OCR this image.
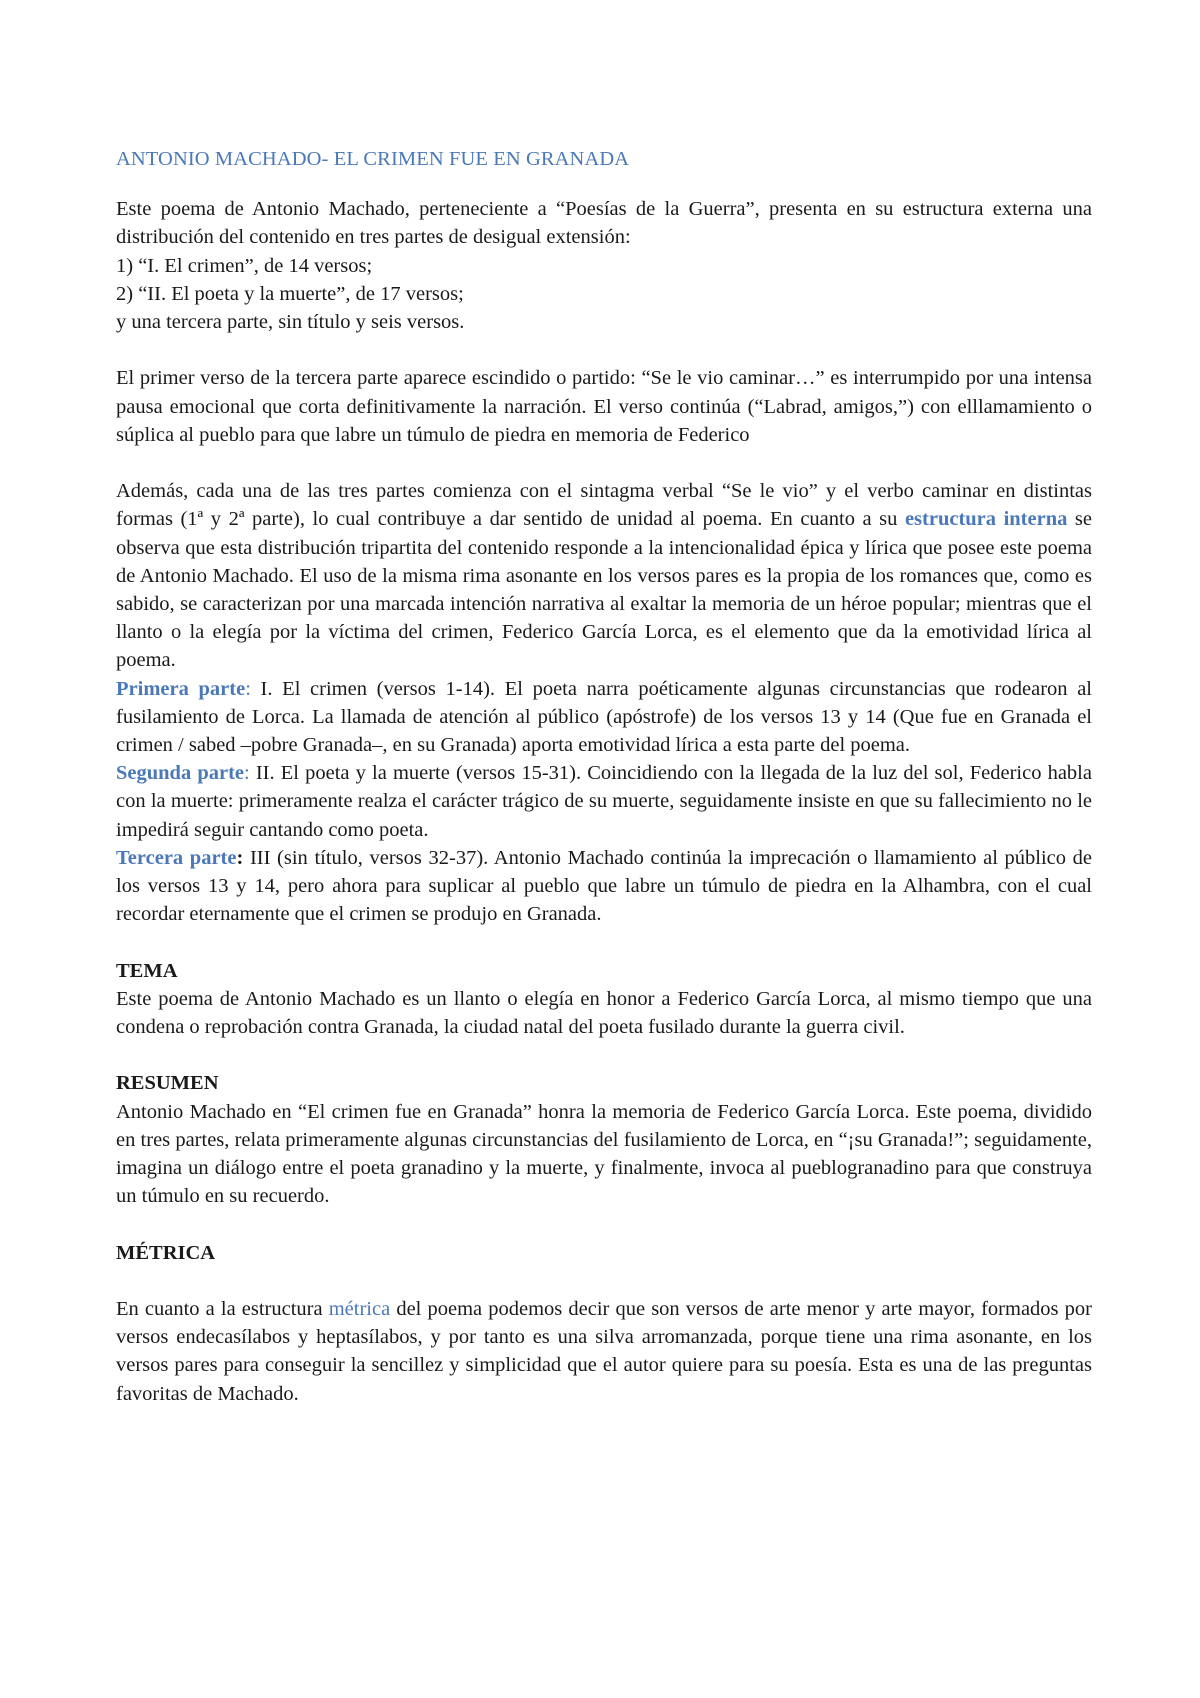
ANTONIO MACHADO- EL CRIMEN FUE EN GRANADA

Este poema de Antonio Machado, perteneciente a “Poesías de la Guerra”, presenta en su estructura externa una distribución del contenido en tres partes de desigual extensión:

1) “I. El crimen”, de 14 versos;

2) “II. El poeta y la muerte”, de 17 versos;

y una tercera parte, sin título y seis versos.

El primer verso de la tercera parte aparece escindido o partido: “Se le vio caminar…” es interrumpido por una intensa pausa emocional que corta definitivamente la narración. El verso continúa (“Labrad, amigos,”) con elllamamiento o súplica al pueblo para que labre un túmulo de piedra en memoria de Federico

Además, cada una de las tres partes comienza con el sintagma verbal “Se le vio” y el verbo caminar en distintas formas (1ª y 2ª parte), lo cual contribuye a dar sentido de unidad al poema. En cuanto a su estructura interna se observa que esta distribución tripartita del contenido responde a la intencionalidad épica y lírica que posee este poema de Antonio Machado. El uso de la misma rima asonante en los versos pares es la propia de los romances que, como es sabido, se caracterizan por una marcada intención narrativa al exaltar la memoria de un héroe popular; mientras que el llanto o la elegía por la víctima del crimen, Federico García Lorca, es el elemento que da la emotividad lírica al poema.

Primera parte: I. El crimen (versos 1-14). El poeta narra poéticamente algunas circunstancias que rodearon al fusilamiento de Lorca. La llamada de atención al público (apóstrofe) de los versos 13 y 14 (Que fue en Granada el crimen / sabed –pobre Granada–, en su Granada) aporta emotividad lírica a esta parte del poema.

Segunda parte: II. El poeta y la muerte (versos 15-31). Coincidiendo con la llegada de la luz del sol, Federico habla con la muerte: primeramente realza el carácter trágico de su muerte, seguidamente insiste en que su fallecimiento no le impedirá seguir cantando como poeta.

Tercera parte: III (sin título, versos 32-37). Antonio Machado continúa la imprecación o llamamiento al público de los versos 13 y 14, pero ahora para suplicar al pueblo que labre un túmulo de piedra en la Alhambra, con el cual recordar eternamente que el crimen se produjo en Granada.

TEMA

Este poema de Antonio Machado es un llanto o elegía en honor a Federico García Lorca, al mismo tiempo que una condena o reprobación contra Granada, la ciudad natal del poeta fusilado durante la guerra civil.

RESUMEN

Antonio Machado en “El crimen fue en Granada” honra la memoria de Federico García Lorca. Este poema, dividido en tres partes, relata primeramente algunas circunstancias del fusilamiento de Lorca, en “¡su Granada!”; seguidamente, imagina un diálogo entre el poeta granadino y la muerte, y finalmente, invoca al pueblogranadino para que construya un túmulo en su recuerdo.

MÉTRICA

En cuanto a la estructura métrica del poema podemos decir que son versos de arte menor y arte mayor, formados por versos endecasílabos y heptasílabos, y por tanto es una silva arromanzada, porque tiene una rima asonante, en los versos pares para conseguir la sencillez y simplicidad que el autor quiere para su poesía. Esta es una de las preguntas favoritas de Machado.
